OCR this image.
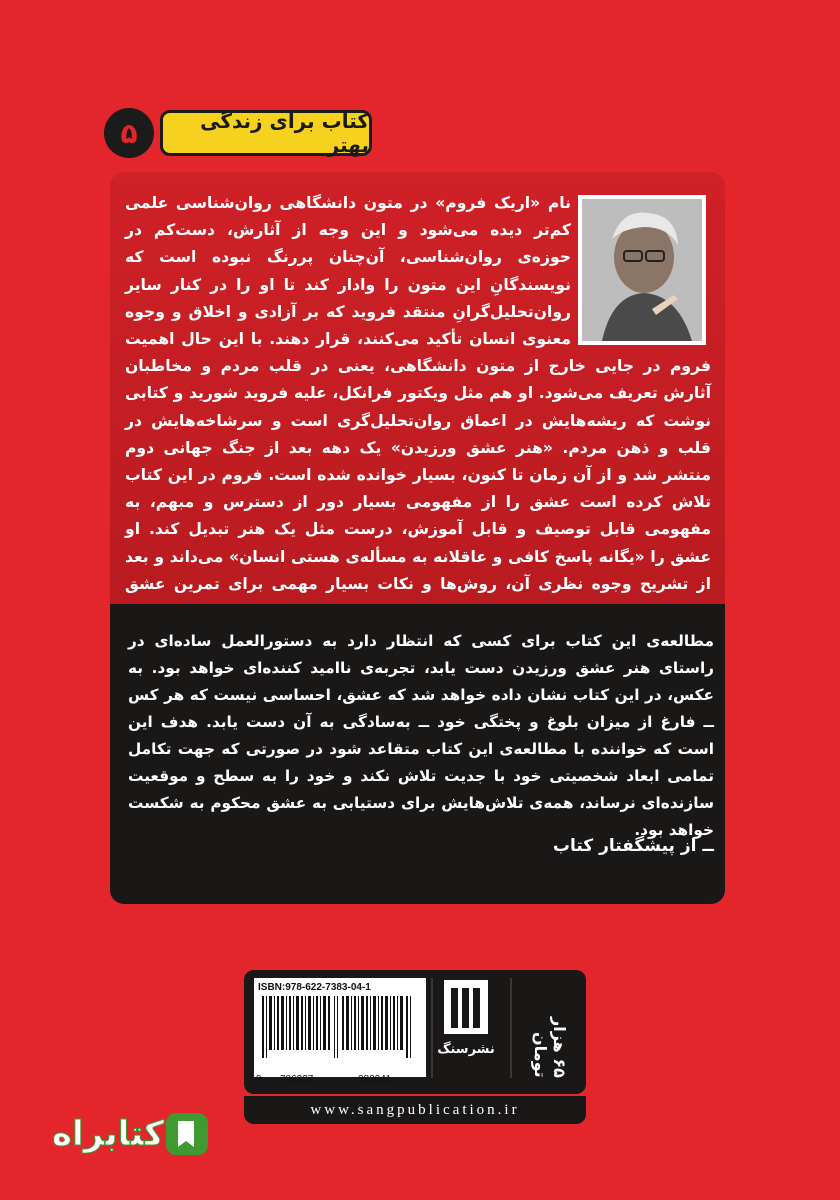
۵	کتاب برای زندگی بهتر
نام «اریک فروم» در متون دانشگاهی روان‌شناسی علمی کم‌تر دیده می‌شود و این وجه از آثارش، دست‌کم در حوزه‌ی روان‌شناسی، آن‌چنان پررنگ نبوده است که نویسندگانِ این متون را وادار کند تا او را در کنار سایر روان‌تحلیل‌گرانِ منتقد فروید که بر آزادی و اخلاق و وجوه معنوی انسان تأکید می‌کنند، قرار دهند. با این حال اهمیت فروم در جایی خارج از متون دانشگاهی، یعنی در قلب مردم و مخاطبان آثارش تعریف می‌شود. او هم مثل ویکتور فرانکل، علیه فروید شورید و کتابی نوشت که ریشه‌هایش در اعماق روان‌تحلیل‌گری است و سرشاخه‌هایش در قلب و ذهن مردم. «هنر عشق ورزیدن» یک دهه بعد از جنگ جهانی دوم منتشر شد و از آن زمان تا کنون، بسیار خوانده شده است. فروم در این کتاب تلاش کرده است عشق را از مفهومی بسیار دور از دسترس و مبهم، به مفهومی قابل توصیف و قابل آموزش، درست مثل یک هنر تبدیل کند. او عشق را «یگانه پاسخ کافی و عاقلانه به مسأله‌ی هستی انسان» می‌داند و بعد از تشریح وجوه نظری آن، روش‌ها و نکات بسیار مهمی برای تمرین عشق
مطالعه‌ی این کتاب برای کسی که انتظار دارد به دستورالعمل ساده‌ای در راستای هنر عشق ورزیدن دست یابد، تجربه‌ی ناامید کننده‌ای خواهد بود. به عکس، در این کتاب نشان داده خواهد شد که عشق، احساسی نیست که هر کس ــ فارغ از میزان بلوغ و پختگی خود ــ به‌سادگی به آن دست یابد. هدف این است که خواننده با مطالعه‌ی این کتاب متقاعد شود در صورتی که جهت تکامل تمامی ابعاد شخصیتی خود با جدیت تلاش نکند و خود را به سطح و موقعیت سازنده‌ای نرساند، همه‌ی تلاش‌هایش برای دستیابی به عشق محکوم به شکست خواهد بود.
ــ از پیشگفتار کتاب
ISBN:978-622-7383-04-1
9 786227	383041
نشرسنگ	۶۵ هزار تومان
www.sangpublication.ir
کتابراه
